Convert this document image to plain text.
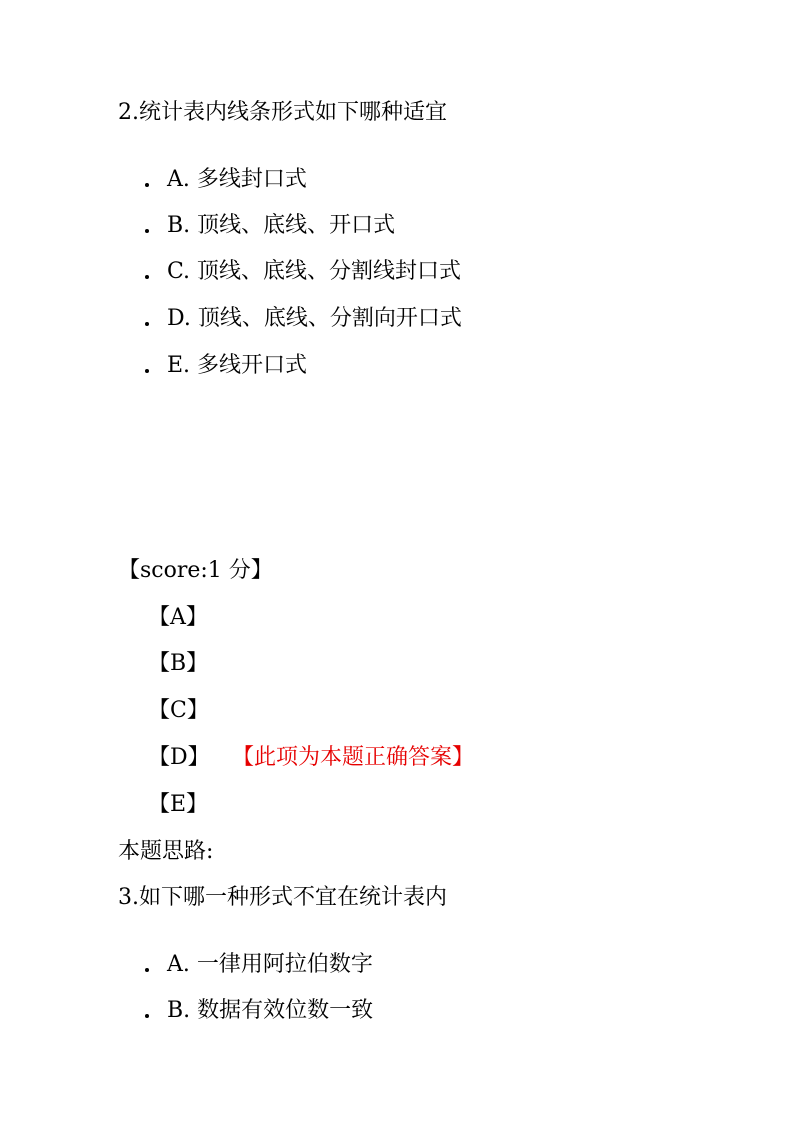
2.统计表内线条形式如下哪种适宜
A. 多线封口式
B. 顶线、底线、开口式
C. 顶线、底线、分割线封口式
D. 顶线、底线、分割向开口式
E. 多线开口式
【score:1 分】
【A】
【B】
【C】
【D】 【此项为本题正确答案】
【E】
本题思路:
3.如下哪一种形式不宜在统计表内
A. 一律用阿拉伯数字
B. 数据有效位数一致
